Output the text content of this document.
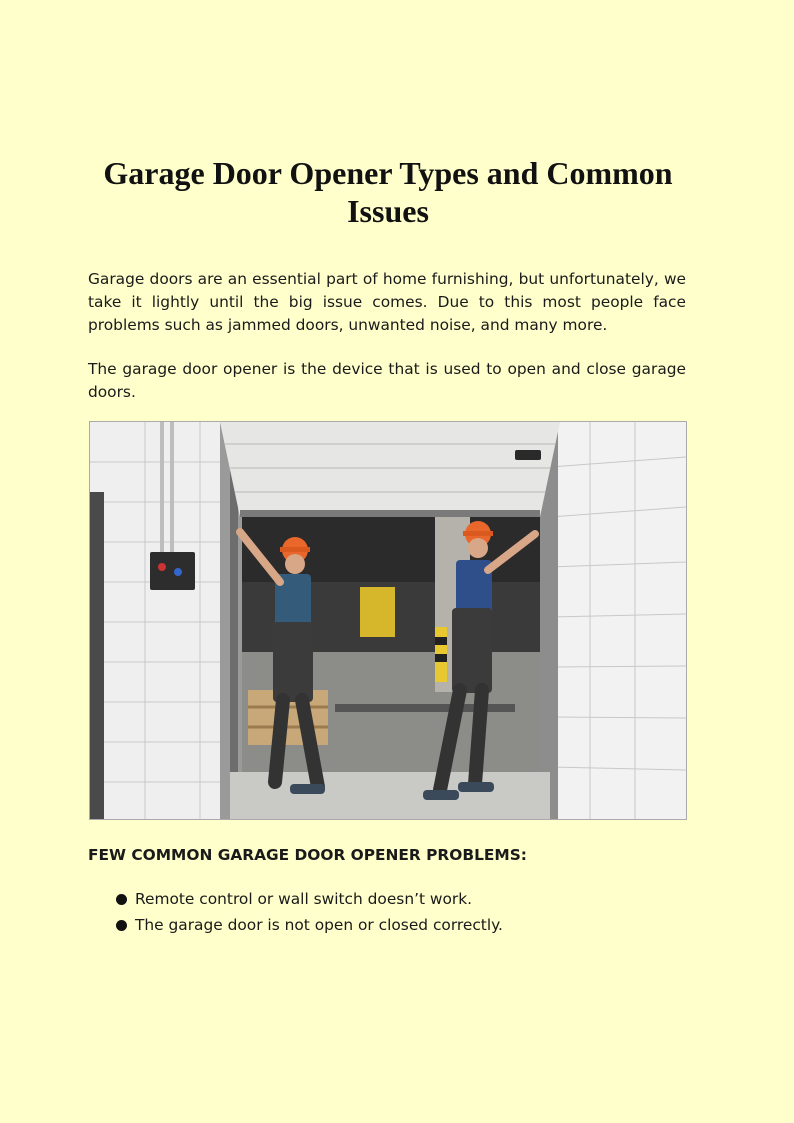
Garage Door Opener Types and Common Issues

Garage doors are an essential part of home furnishing, but unfortunately, we take it lightly until the big issue comes. Due to this most people face problems such as jammed doors, unwanted noise, and many more.

The garage door opener is the device that is used to open and close garage doors.

FEW COMMON GARAGE DOOR OPENER PROBLEMS:
Remote control or wall switch doesn’t work.
The garage door is not open or closed correctly.
